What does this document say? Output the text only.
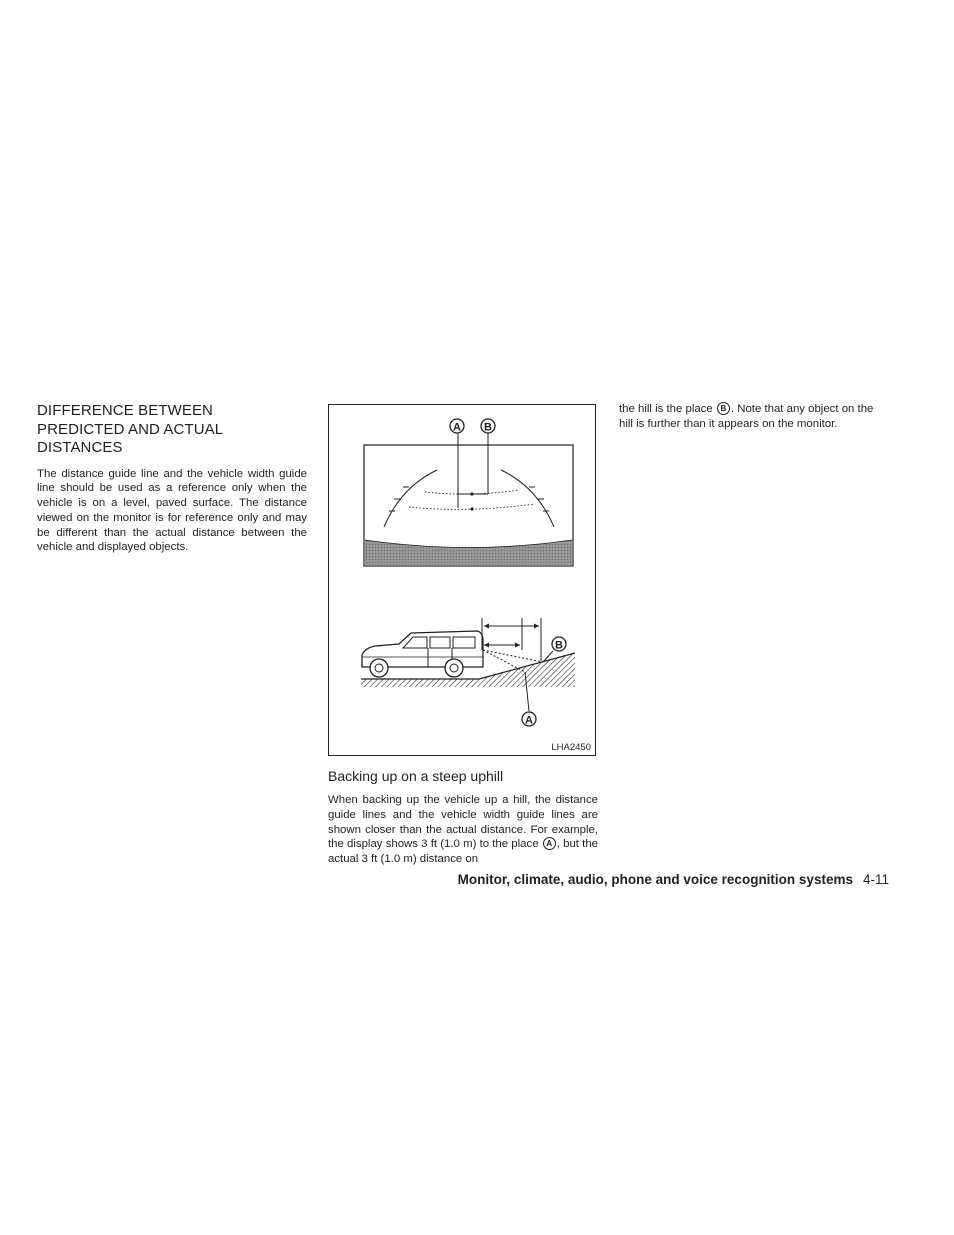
DIFFERENCE BETWEEN
PREDICTED AND ACTUAL
DISTANCES

The distance guide line and the vehicle width guide line should be used as a reference only when the vehicle is on a level, paved surface. The distance viewed on the monitor is for reference only and may be different than the actual distance between the vehicle and displayed objects.

A B
B
A
LHA2450
Backing up on a steep uphill

When backing up the vehicle up a hill, the distance guide lines and the vehicle width guide lines are shown closer than the actual distance. For example, the display shows 3 ft (1.0 m) to the place A , but the actual 3 ft (1.0 m) distance on

the hill is the place B . Note that any object on the hill is further than it appears on the monitor.

Monitor, climate, audio, phone and voice recognition systems 4-11
